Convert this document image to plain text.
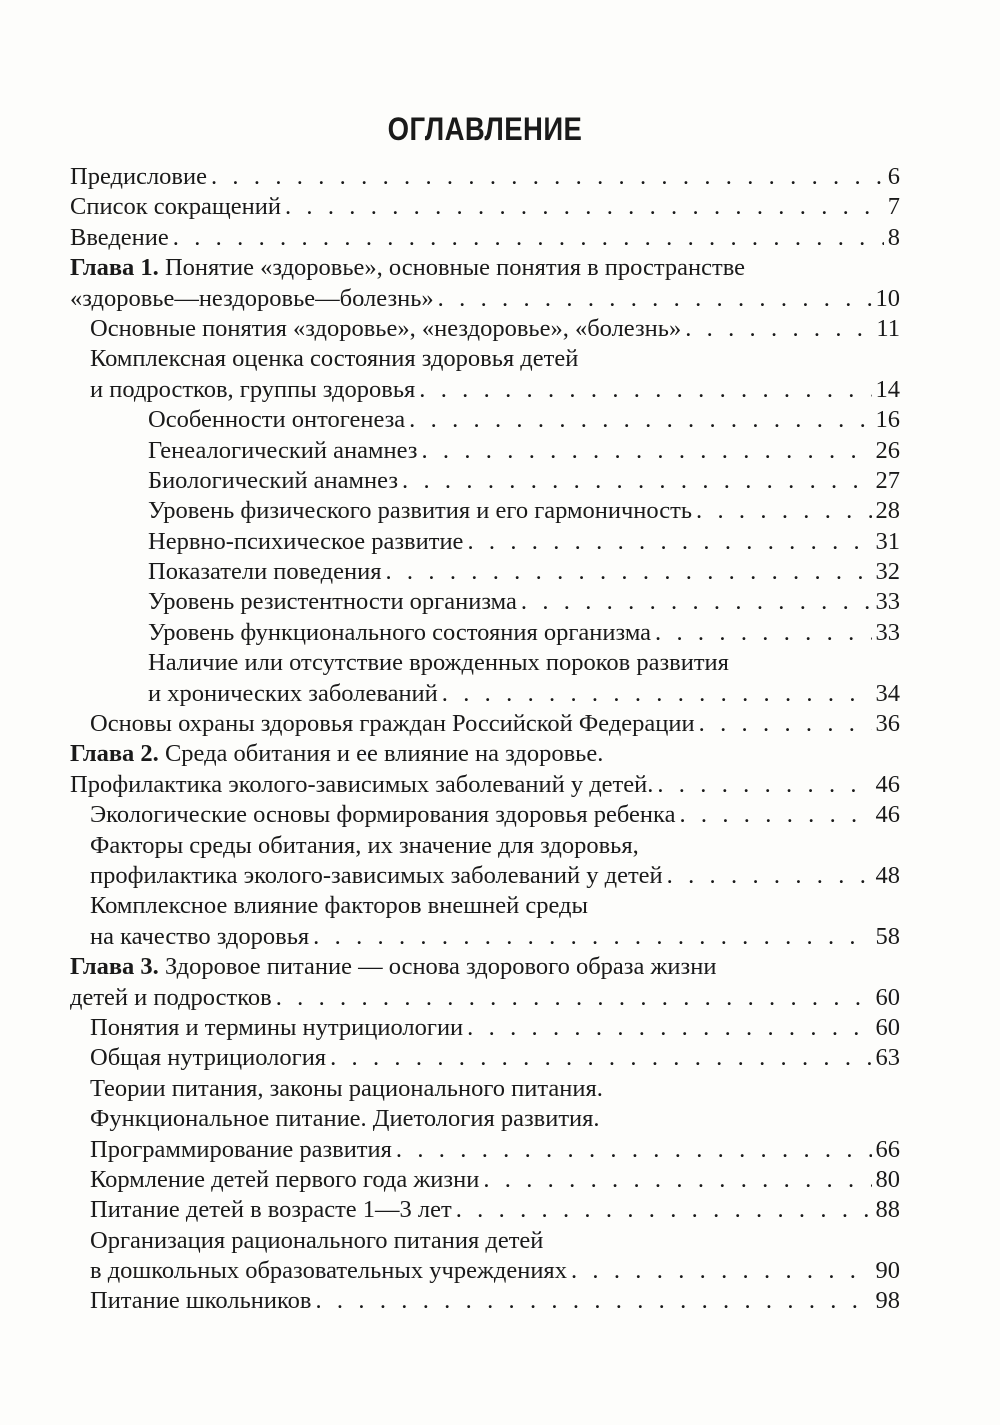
ОГЛАВЛЕНИЕ
Предисловие . . .	6
Список сокращений . . .	7
Введение . . .	8
Глава 1. Понятие «здоровье», основные понятия в пространстве
«здоровье—нездоровье—болезнь» . . .	10
Основные понятия «здоровье», «нездоровье», «болезнь» . . .	11
Комплексная оценка состояния здоровья детей
и подростков, группы здоровья . . .	14
Особенности онтогенеза . . .	16
Генеалогический анамнез . . .	26
Биологический анамнез . . .	27
Уровень физического развития и его гармоничность . . .	28
Нервно-психическое развитие . . .	31
Показатели поведения . . .	32
Уровень резистентности организма . . .	33
Уровень функционального состояния организма . . .	33
Наличие или отсутствие врожденных пороков развития
и хронических заболеваний . . .	34
Основы охраны здоровья граждан Российской Федерации . . .	36
Глава 2. Среда обитания и ее влияние на здоровье.
Профилактика эколого-зависимых заболеваний у детей. . . .	46
Экологические основы формирования здоровья ребенка . . .	46
Факторы среды обитания, их значение для здоровья,
профилактика эколого-зависимых заболеваний у детей . . .	48
Комплексное влияние факторов внешней среды
на качество здоровья . . .	58
Глава 3. Здоровое питание — основа здорового образа жизни
детей и подростков . . .	60
Понятия и термины нутрициологии . . .	60
Общая нутрициология . . .	63
Теории питания, законы рационального питания.
Функциональное питание. Диетология развития.
Программирование развития . . .	66
Кормление детей первого года жизни . . .	80
Питание детей в возрасте 1—3 лет . . .	88
Организация рационального питания детей
в дошкольных образовательных учреждениях . . .	90
Питание школьников . . .	98
